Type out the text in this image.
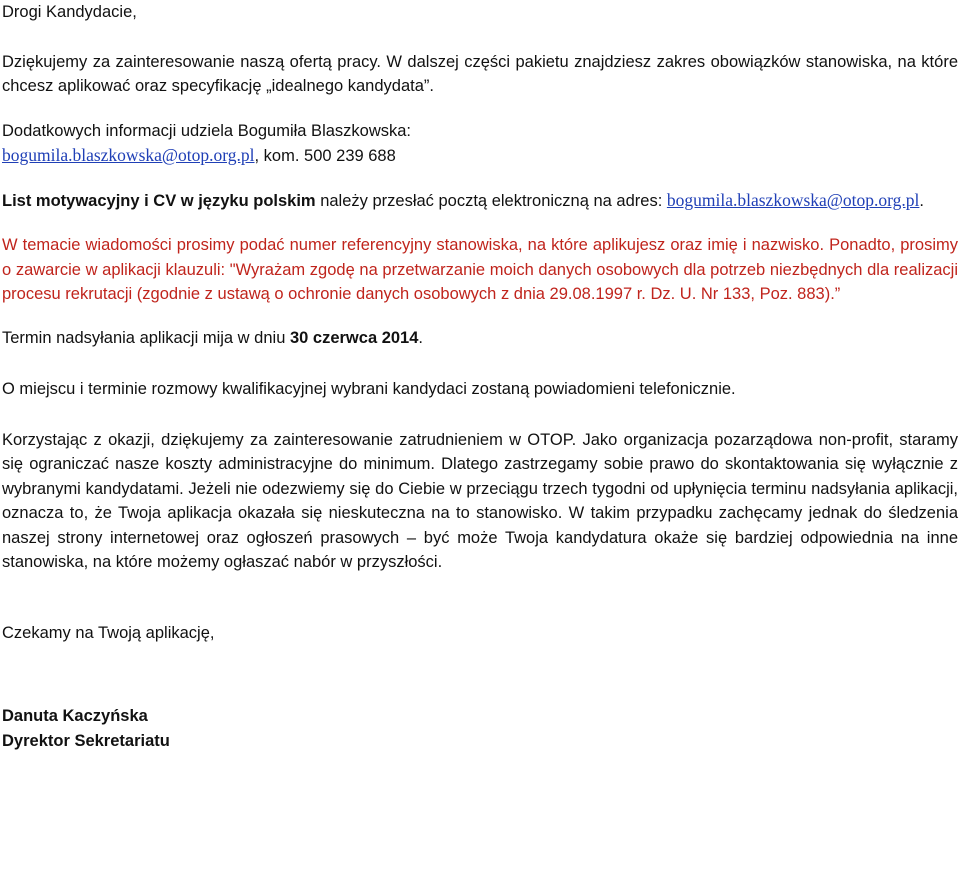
Drogi Kandydacie,

Dziękujemy za zainteresowanie naszą ofertą pracy. W dalszej części pakietu znajdziesz zakres obowiązków stanowiska, na które chcesz aplikować oraz specyfikację „idealnego kandydata”.

Dodatkowych informacji udziela Bogumiła Blaszkowska:
bogumila.blaszkowska@otop.org.pl, kom. 500 239 688

List motywacyjny i CV w języku polskim należy przesłać pocztą elektroniczną na adres: bogumila.blaszkowska@otop.org.pl.

W temacie wiadomości prosimy podać numer referencyjny stanowiska, na które aplikujesz oraz imię i nazwisko. Ponadto, prosimy o zawarcie w aplikacji klauzuli: "Wyrażam zgodę na przetwarzanie moich danych osobowych dla potrzeb niezbędnych dla realizacji procesu rekrutacji (zgodnie z ustawą o ochronie danych osobowych z dnia 29.08.1997 r. Dz. U. Nr 133, Poz. 883).”

Termin nadsyłania aplikacji mija w dniu 30 czerwca 2014.

O miejscu i terminie rozmowy kwalifikacyjnej wybrani kandydaci zostaną powiadomieni telefonicznie.

Korzystając z okazji, dziękujemy za zainteresowanie zatrudnieniem w OTOP. Jako organizacja pozarządowa non-profit, staramy się ograniczać nasze koszty administracyjne do minimum. Dlatego zastrzegamy sobie prawo do skontaktowania się wyłącznie z wybranymi kandydatami. Jeżeli nie odezwiemy się do Ciebie w przeciągu trzech tygodni od upłynięcia terminu nadsyłania aplikacji, oznacza to, że Twoja aplikacja okazała się nieskuteczna na to stanowisko. W takim przypadku zachęcamy jednak do śledzenia naszej strony internetowej oraz ogłoszeń prasowych – być może Twoja kandydatura okaże się bardziej odpowiednia na inne stanowiska, na które możemy ogłaszać nabór w przyszłości.

Czekamy na Twoją aplikację,

Danuta Kaczyńska
Dyrektor Sekretariatu
